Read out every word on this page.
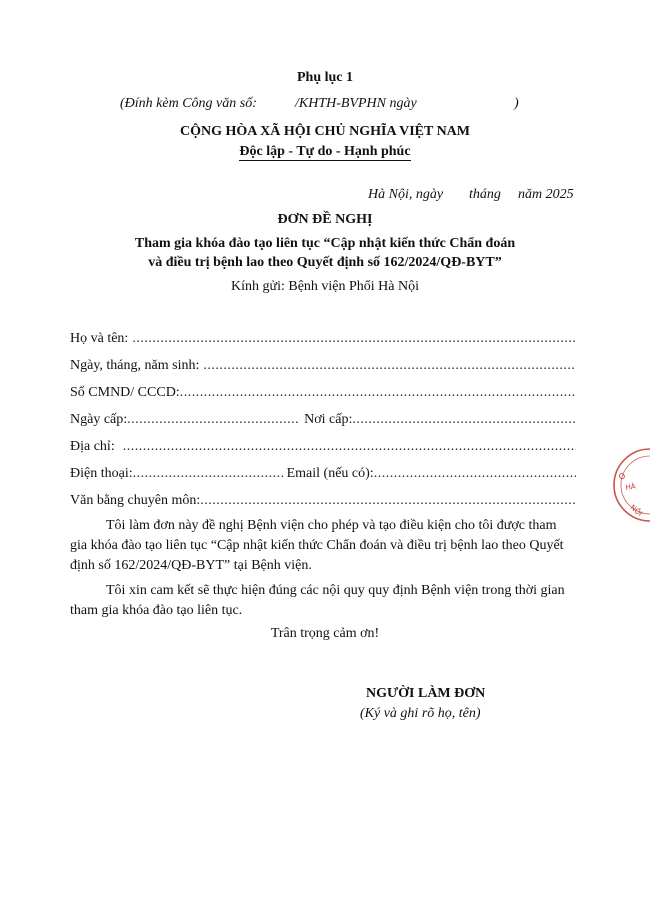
Phụ lục 1
(Đính kèm Công văn số:	/KHTH-BVPHN ngày	)
CỘNG HÒA XÃ HỘI CHỦ NGHĨA VIỆT NAM
Độc lập - Tự do - Hạnh phúc
Hà Nội, ngày tháng năm 2025
ĐƠN ĐỀ NGHỊ
Tham gia khóa đào tạo liên tục “Cập nhật kiến thức Chẩn đoán
và điều trị bệnh lao theo Quyết định số 162/2024/QĐ-BYT”
Kính gửi: Bệnh viện Phổi Hà Nội
Họ và tên:
.....
Ngày, tháng, năm sinh:
.....
Số CMND/ CCCD:
.....
Ngày cấp: .....	Nơi cấp:
.....
Địa chỉ:
.....
Điện thoại: .....	Email (nếu có):
.....
Văn bằng chuyên môn:
.....
Tôi làm đơn này đề nghị Bệnh viện cho phép và tạo điều kiện cho tôi được tham gia khóa đào tạo liên tục “Cập nhật kiến thức Chẩn đoán và điều trị bệnh lao theo Quyết định số 162/2024/QĐ-BYT” tại Bệnh viện.
Tôi xin cam kết sẽ thực hiện đúng các nội quy quy định Bệnh viện trong thời gian tham gia khóa đào tạo liên tục.
Trân trọng cảm ơn!
NGƯỜI LÀM ĐƠN
(Ký và ghi rõ họ, tên)
O
HÀ
NỘI
